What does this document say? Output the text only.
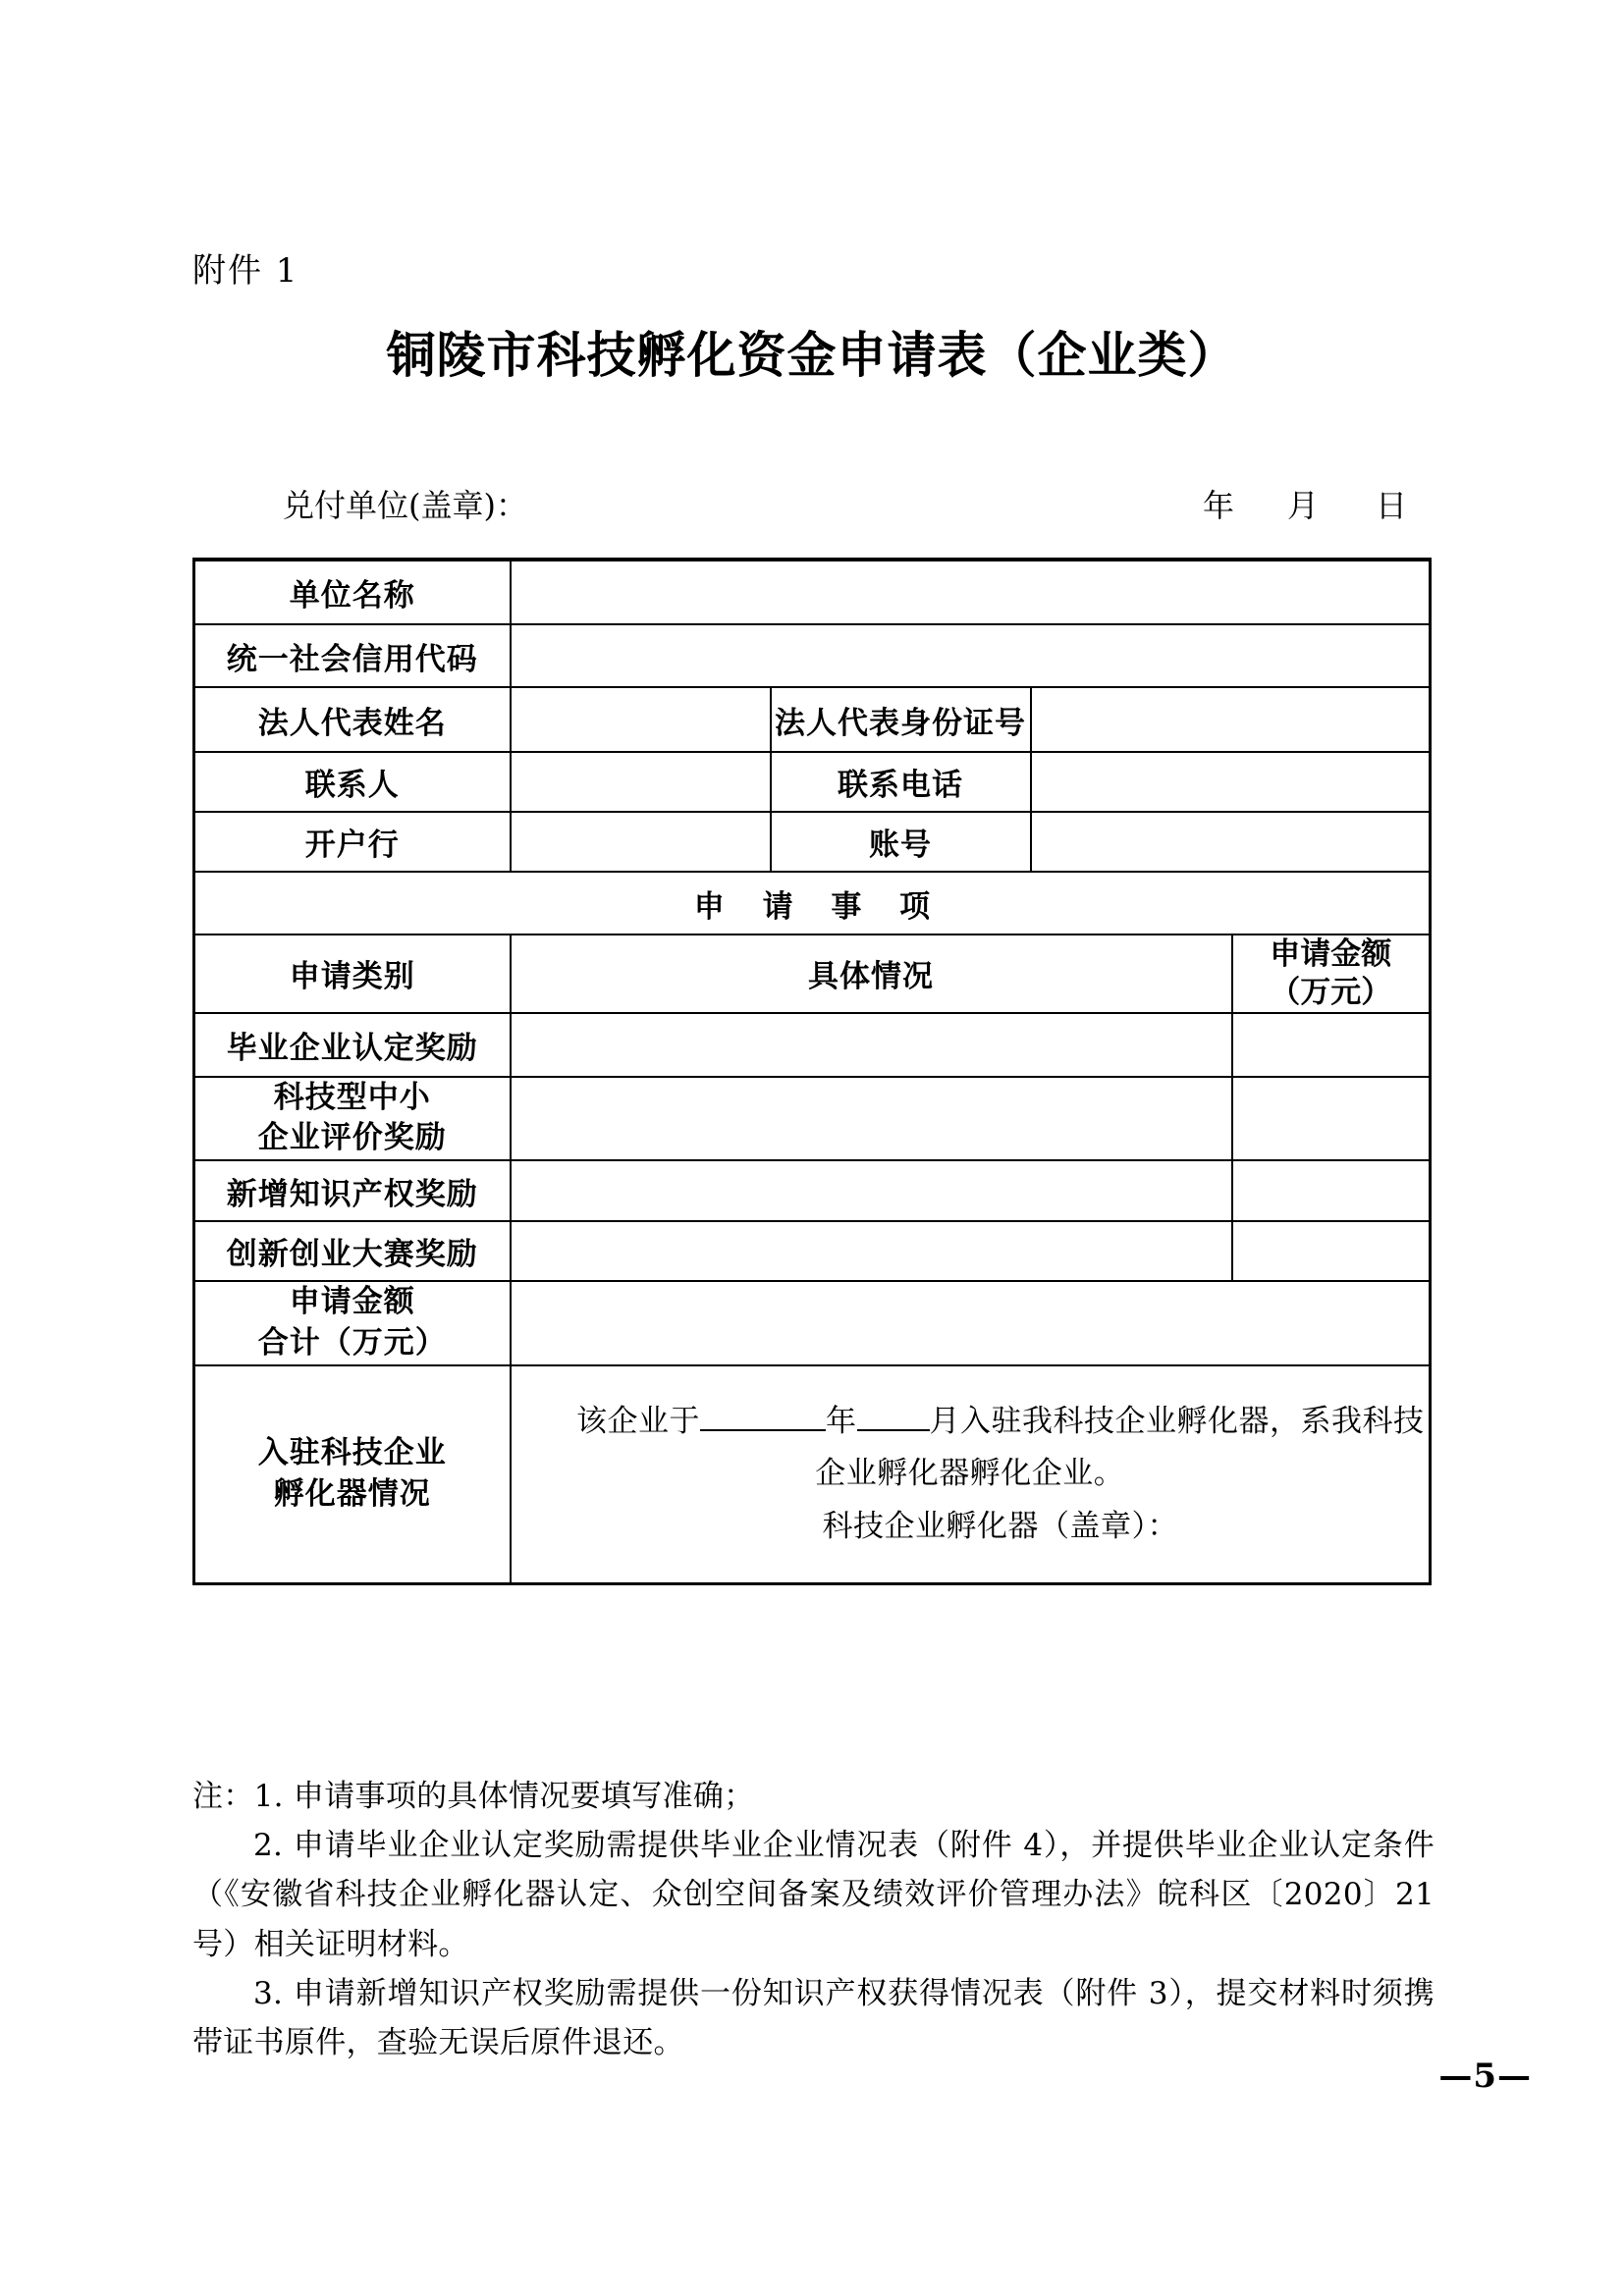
附件 1
铜陵市科技孵化资金申请表（企业类）
兑付单位(盖章)：	年 月 日
单位名称				
统一社会信用代码				
法人代表姓名		法人代表身份证号		
联系人		联系电话		
开户行		账号		
申 请 事 项				
申请类别	具体情况			申请金额
（万元）

毕业企业认定奖励				

科技型中小
企业评价奖励				

新增知识产权奖励				
创新创业大赛奖励				

申请金额
合计（万元）				

入驻科技企业
孵化器情况

该企业于	年 月入驻我科技企业孵化器，系我科技企业孵化器孵化企业。

科技企业孵化器（盖章）：

注：1. 申请事项的具体情况要填写准确；

2. 申请毕业企业认定奖励需提供毕业企业情况表（附件 4），并提供毕业企业认定条件（《安徽省科技企业孵化器认定、众创空间备案及绩效评价管理办法》皖科区〔2020〕21 号）相关证明材料。

3. 申请新增知识产权奖励需提供一份知识产权获得情况表（附件 3），提交材料时须携带证书原件，查验无误后原件退还。

—5—
